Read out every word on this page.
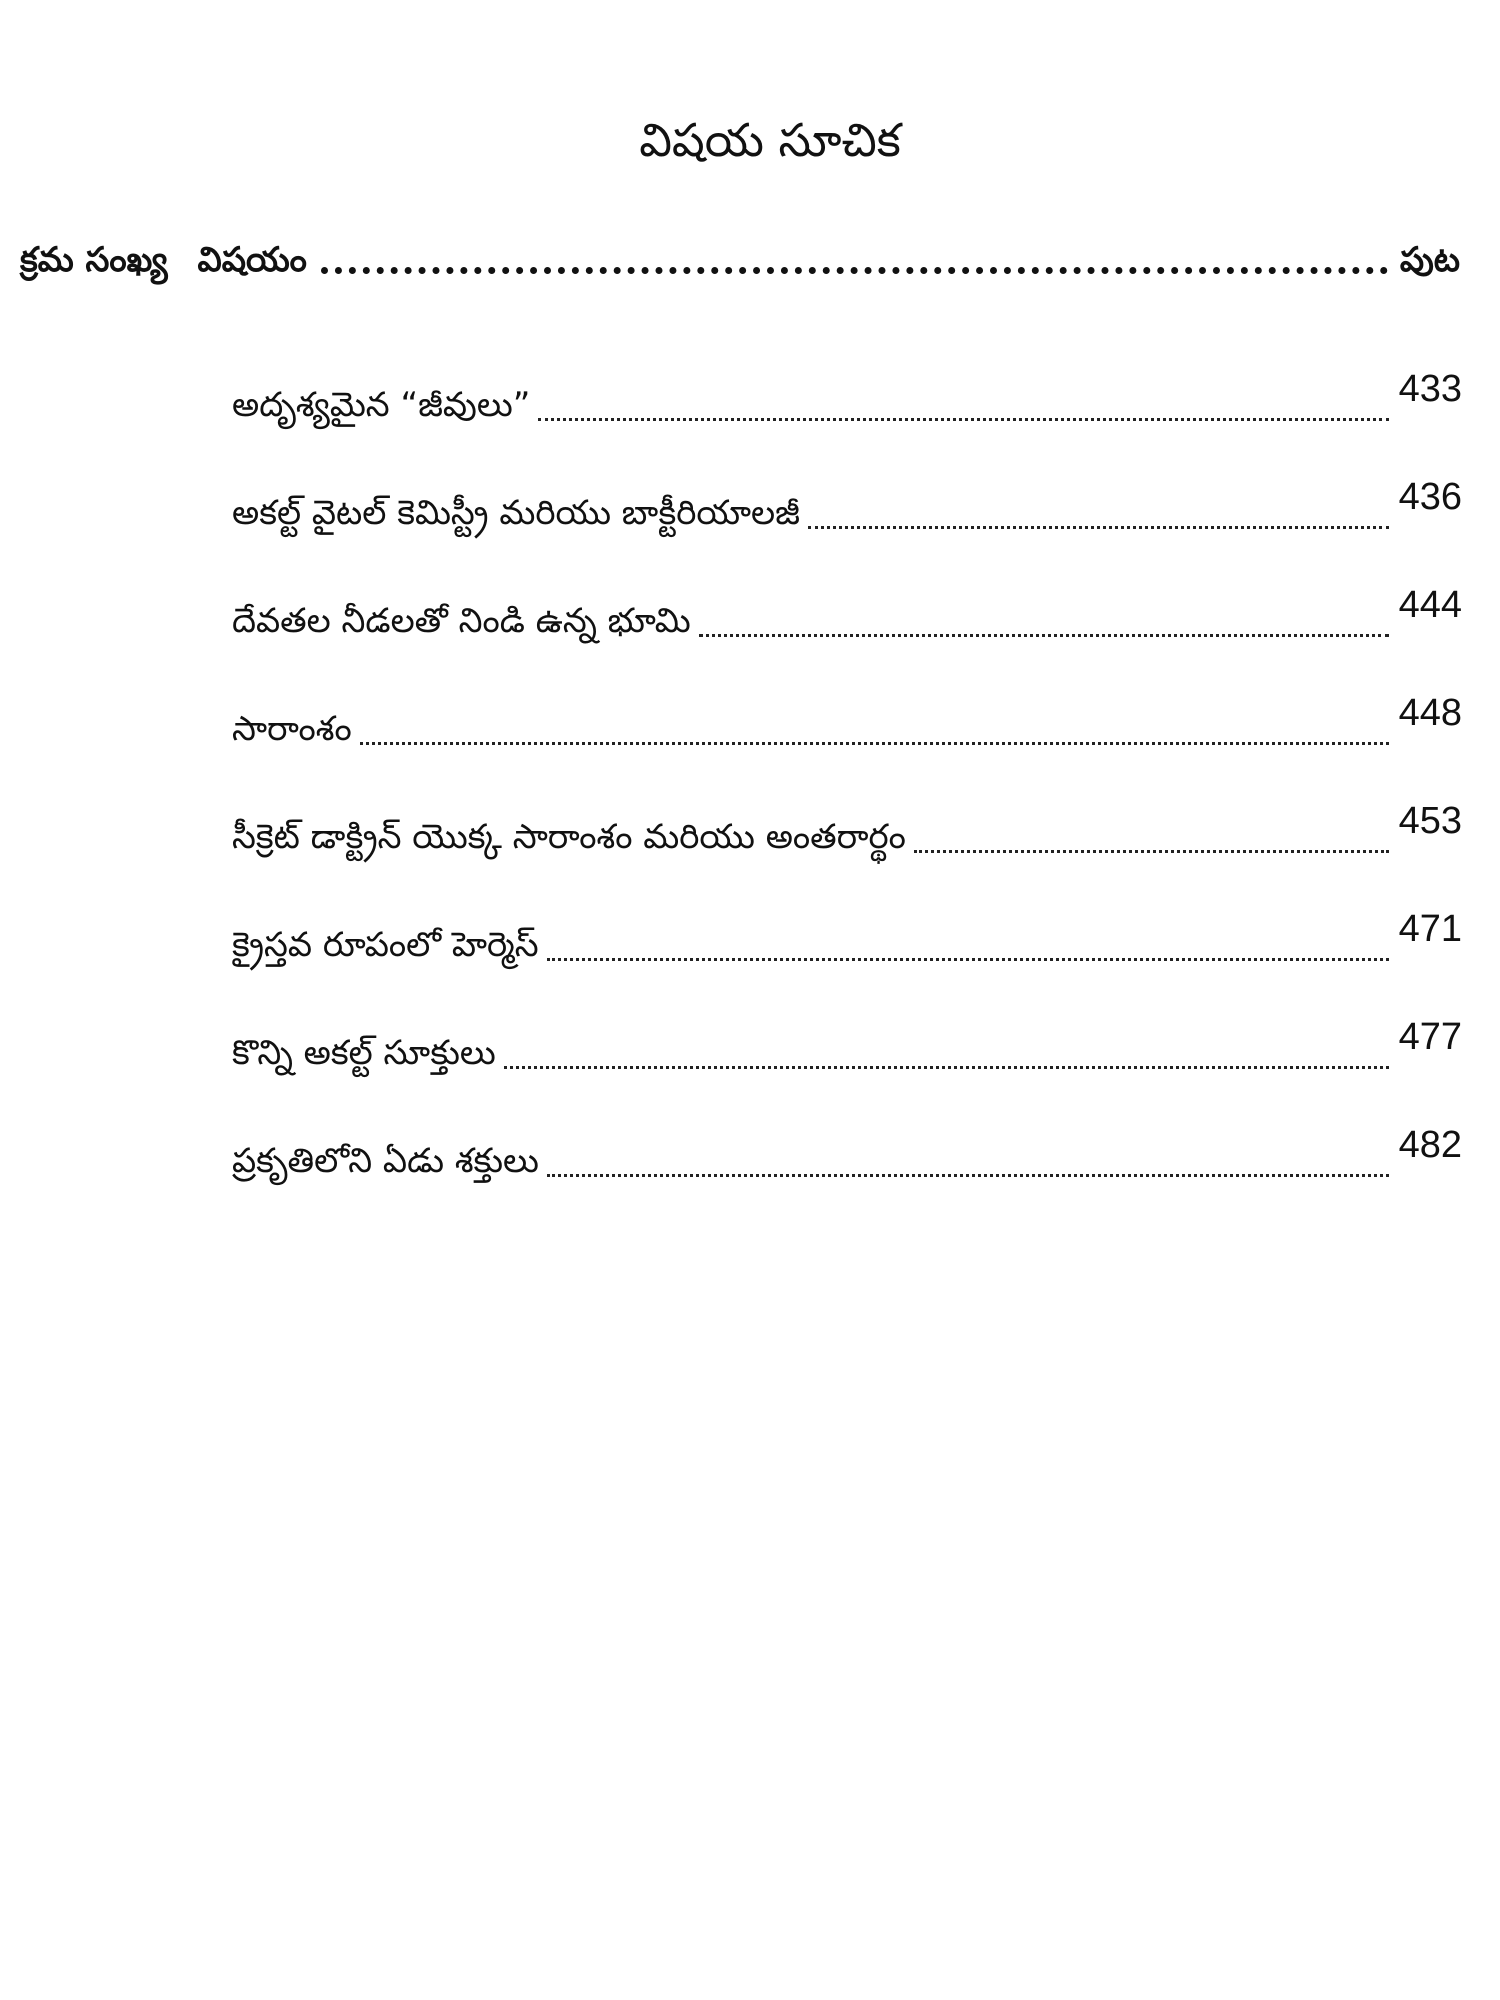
విషయ సూచిక
క్రమ సంఖ్య విషయం	పుట
అదృశ్యమైన “జీవులు”	433
అకల్ట్ వైటల్ కెమిస్ట్రీ మరియు బాక్టీరియాలజీ	436
దేవతల నీడలతో నిండి ఉన్న భూమి	444
సారాంశం	448
సీక్రెట్ డాక్ట్రిన్ యొక్క సారాంశం మరియు అంతరార్థం	453
క్రైస్తవ రూపంలో హెర్మెస్	471
కొన్ని అకల్ట్ సూక్తులు	477
ప్రకృతిలోని ఏడు శక్తులు	482
